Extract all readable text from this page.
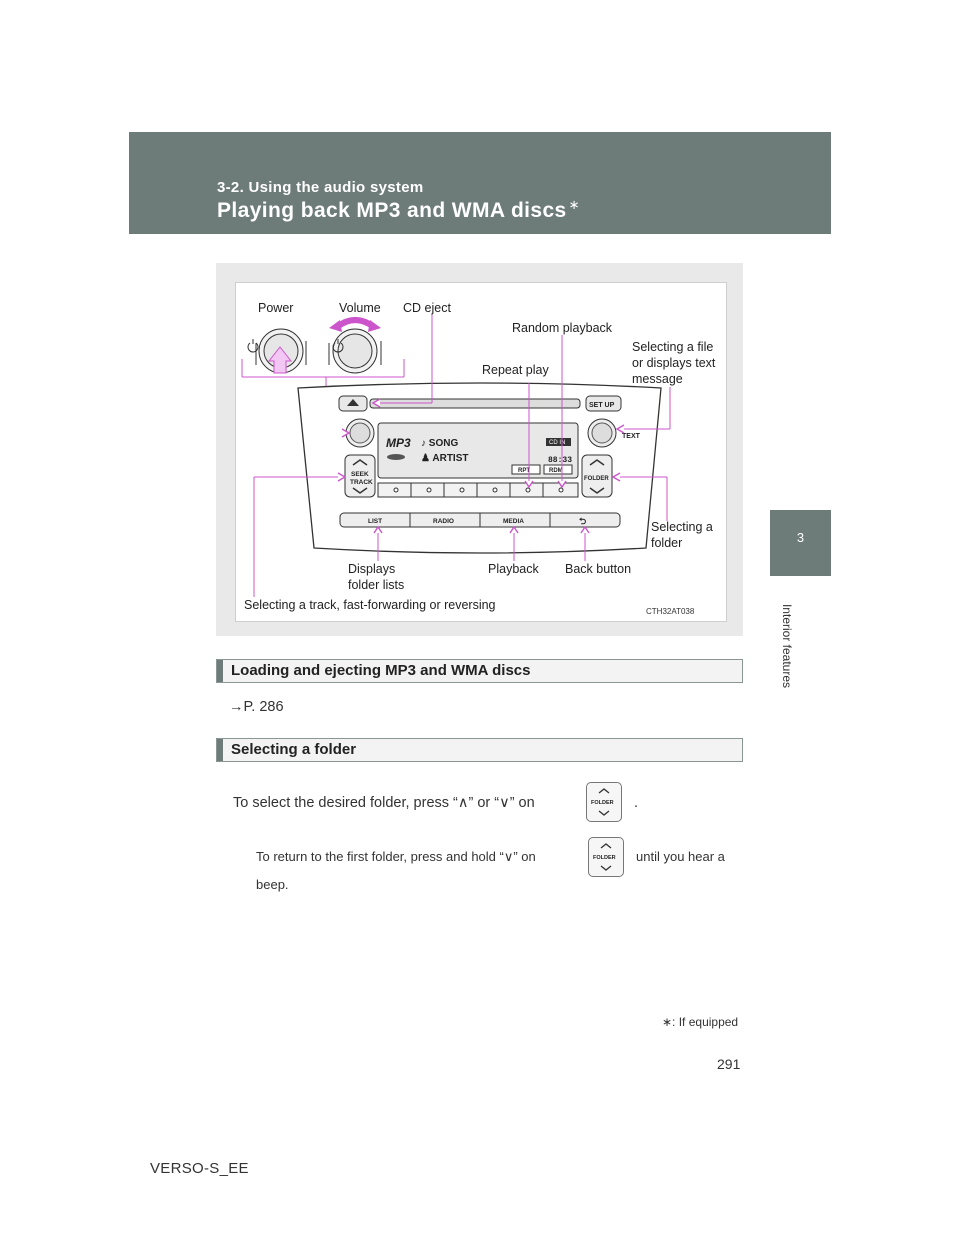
3-2. Using the audio system
Playing back MP3 and WMA discs ∗
3
Interior features
SET UP
TEXT
MP3 ♪ SONG
♟ ARTIST
CD IN
88:33
RPT	RDM
SEEK
TRACK	FOLDER
LIST	RADIO	MEDIA	⮌
Power	Volume CD eject
Random playback
Repeat play
Selecting a file
or displays text
message
Selecting a
folder
Displays
folder lists
Playback Back button
Selecting a track, fast-forwarding or reversing	CTH32AT038
Loading and ejecting MP3 and WMA discs
→P. 286
Selecting a folder
To select the desired folder, press “∧” or “∨” on	FOLDER .
To return to the first folder, press and hold “∨” on	FOLDER until you hear a
beep.
∗: If equipped
291
VERSO-S_EE
